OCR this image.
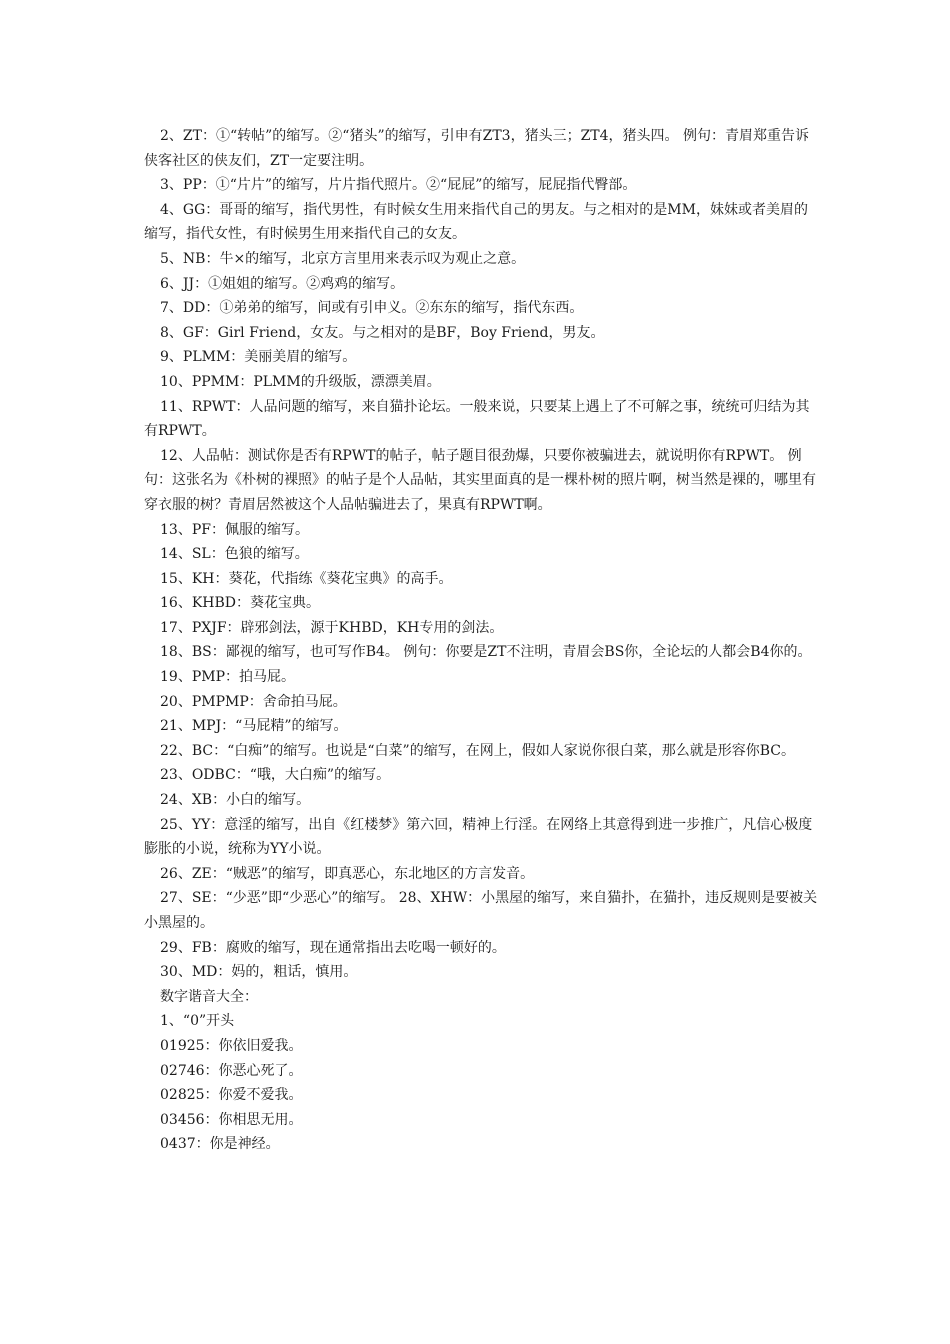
2、ZT：①“转帖”的缩写。②“猪头”的缩写，引申有ZT3，猪头三；ZT4，猪头四。 例句：青眉郑重告诉侠客社区的侠友们，ZT一定要注明。

3、PP：①“片片”的缩写，片片指代照片。②“屁屁”的缩写，屁屁指代臀部。

4、GG：哥哥的缩写，指代男性，有时候女生用来指代自己的男友。与之相对的是MM，妹妹或者美眉的缩写，指代女性，有时候男生用来指代自己的女友。

5、NB：牛×的缩写，北京方言里用来表示叹为观止之意。

6、JJ：①姐姐的缩写。②鸡鸡的缩写。

7、DD：①弟弟的缩写，间或有引申义。②东东的缩写，指代东西。

8、GF：Girl Friend，女友。与之相对的是BF，Boy Friend，男友。

9、PLMM：美丽美眉的缩写。

10、PPMM：PLMM的升级版，漂漂美眉。

11、RPWT：人品问题的缩写，来自猫扑论坛。一般来说，只要某上遇上了不可解之事，统统可归结为其有RPWT。

12、人品帖：测试你是否有RPWT的帖子，帖子题目很劲爆，只要你被骗进去，就说明你有RPWT。 例句：这张名为《朴树的裸照》的帖子是个人品帖，其实里面真的是一棵朴树的照片啊，树当然是裸的，哪里有穿衣服的树？青眉居然被这个人品帖骗进去了，果真有RPWT啊。

13、PF：佩服的缩写。

14、SL：色狼的缩写。

15、KH：葵花，代指练《葵花宝典》的高手。

16、KHBD：葵花宝典。

17、PXJF：辟邪剑法，源于KHBD，KH专用的剑法。

18、BS：鄙视的缩写，也可写作B4。 例句：你要是ZT不注明，青眉会BS你，全论坛的人都会B4你的。

19、PMP：拍马屁。

20、PMPMP：舍命拍马屁。

21、MPJ：“马屁精”的缩写。

22、BC：“白痴”的缩写。也说是“白菜”的缩写，在网上，假如人家说你很白菜，那么就是形容你BC。

23、ODBC：“哦，大白痴”的缩写。

24、XB：小白的缩写。

25、YY：意淫的缩写，出自《红楼梦》第六回，精神上行淫。在网络上其意得到进一步推广，凡信心极度膨胀的小说，统称为YY小说。

26、ZE：“贼恶”的缩写，即真恶心，东北地区的方言发音。

27、SE：“少恶”即“少恶心”的缩写。 28、XHW：小黑屋的缩写，来自猫扑，在猫扑，违反规则是要被关小黑屋的。

29、FB：腐败的缩写，现在通常指出去吃喝一顿好的。

30、MD：妈的，粗话，慎用。

数字谐音大全：

1、“0”开头

01925：你依旧爱我。

02746：你恶心死了。

02825：你爱不爱我。

03456：你相思无用。

0437：你是神经。
